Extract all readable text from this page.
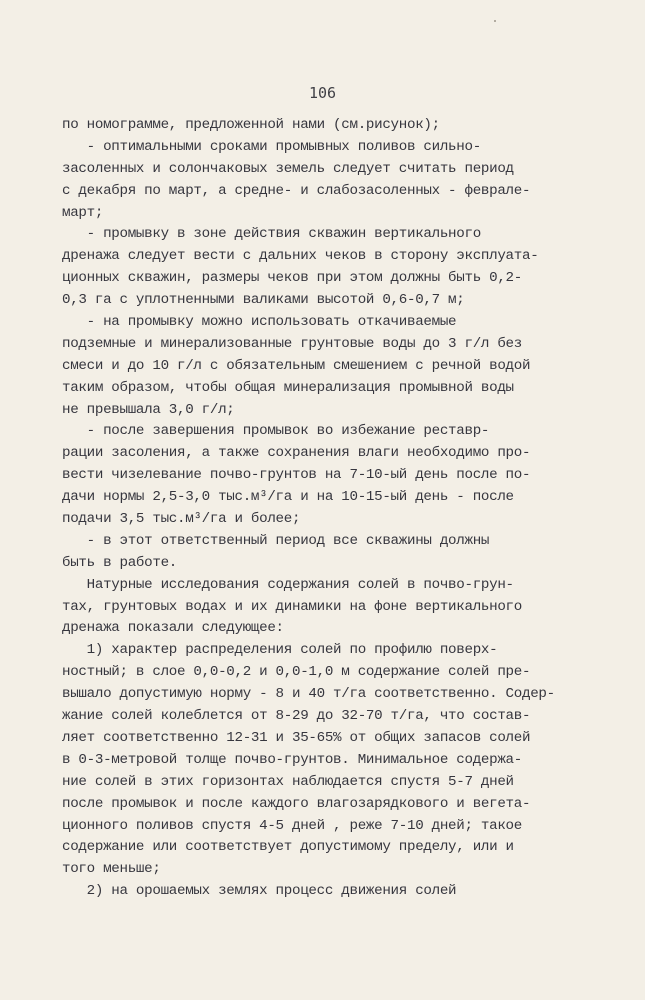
106
по номограмме, предложенной нами (см.рисунок);
- оптимальными сроками промывных поливов сильно-
засоленных и солончаковых земель следует считать период
с декабря по март, а средне- и слабозасоленных - феврале-
март;
- промывку в зоне действия скважин вертикального
дренажа следует вести с дальних чеков в сторону эксплуата-
ционных скважин, размеры чеков при этом должны быть 0,2-
0,3 га с уплотненными валиками высотой 0,6-0,7 м;
- на промывку можно использовать откачиваемые
подземные и минерализованные грунтовые воды до 3 г/л без
смеси и до 10 г/л с обязательным смешением с речной водой
таким образом, чтобы общая минерализация промывной воды
не превышала 3,0 г/л;
- после завершения промывок во избежание реставр-
рации засоления, а также сохранения влаги необходимо про-
вести чизелевание почво-грунтов на 7-10-ый день после по-
дачи нормы 2,5-3,0 тыс.м³/га и на 10-15-ый день - после
подачи 3,5 тыс.м³/га и более;
- в этот ответственный период все скважины должны
быть в работе.
Натурные исследования содержания солей в почво-грун-
тах, грунтовых водах и их динамики на фоне вертикального
дренажа показали следующее:
1) характер распределения солей по профилю поверх-
ностный; в слое 0,0-0,2 и 0,0-1,0 м содержание солей пре-
вышало допустимую норму - 8 и 40 т/га соответственно. Содер-
жание солей колеблется от 8-29 до 32-70 т/га, что состав-
ляет соответственно 12-31 и 35-65% от общих запасов солей
в 0-3-метровой толще почво-грунтов. Минимальное содержа-
ние солей в этих горизонтах наблюдается спустя 5-7 дней
после промывок и после каждого влагозарядкового и вегета-
ционного поливов спустя 4-5 дней , реже 7-10 дней; такое
содержание или соответствует допустимому пределу, или и
того меньше;
2) на орошаемых землях процесс движения солей
